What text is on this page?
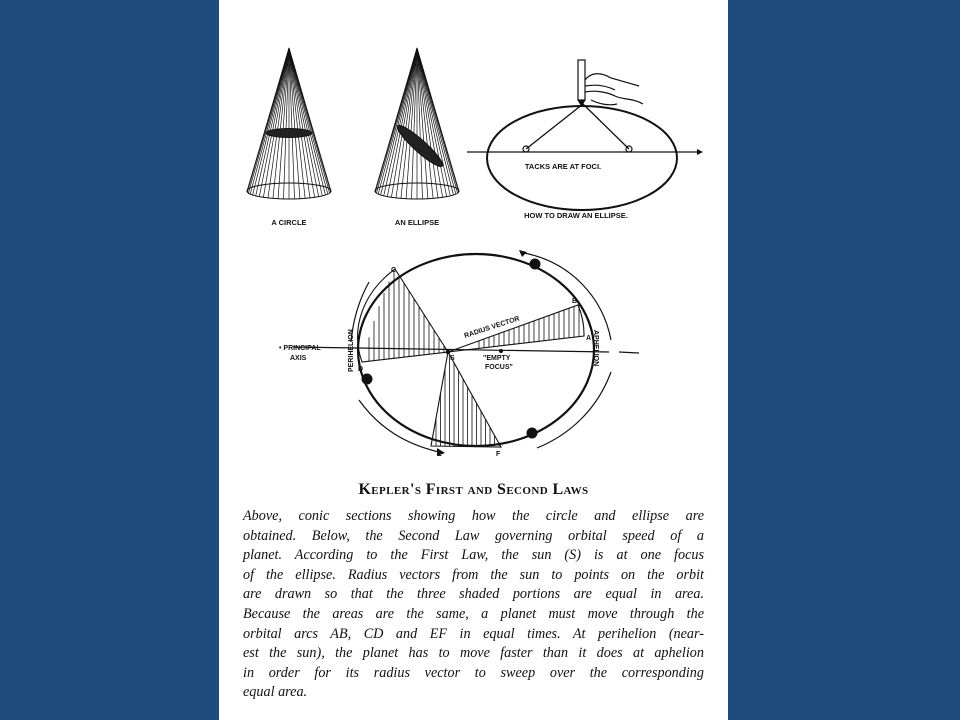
A CIRCLE	AN ELLIPSE
TACKS ARE AT FOCI.
HOW TO DRAW AN ELLIPSE.
• PRINCIPAL
AXIS	PERIHELION	APHELION
RADIUS VECTOR
"EMPTY
FOCUS"
S
A
B
C
D
E	F
Kepler's First and Second Laws

Above, conic sections showing how the circle and ellipse are
obtained. Below, the Second Law governing orbital speed of a
planet. According to the First Law, the sun (S) is at one focus
of the ellipse. Radius vectors from the sun to points on the orbit
are drawn so that the three shaded portions are equal in area.
Because the areas are the same, a planet must move through the
orbital arcs AB, CD and EF in equal times. At perihelion (near-
est the sun), the planet has to move faster than it does at aphelion
in order for its radius vector to sweep over the corresponding
equal area.
